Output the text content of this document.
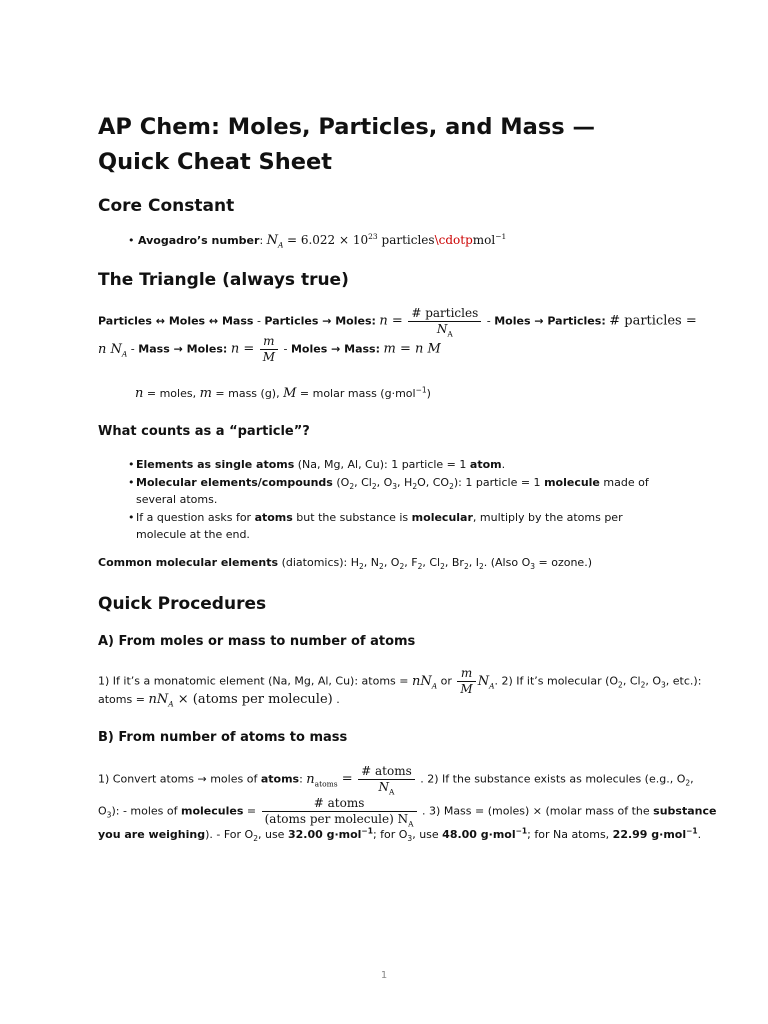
AP Chem: Moles, Particles, and Mass — Quick Cheat Sheet
Core Constant
• Avogadro’s number: $N_A = 6.022 \times 10^{23}$ particles\cdotpmol$^{-1}$
The Triangle (always true)
Particles ↔ Moles ↔ Mass - Particles → Moles: $n = \frac{\text{\# particles}}{N_A}$ - Moles → Particles: # particles =
n $N_A$ - Mass → Moles: $n = \frac{m}{M}$ - Moles → Mass: m = n M
n = moles, m = mass (g), M = molar mass (g·mol$^{-1}$)
What counts as a “particle”?
• Elements as single atoms (Na, Mg, Al, Cu): 1 particle = 1 atom.
• Molecular elements/compounds ($O_2$, $Cl_2$, $O_3$, $H_2O$, $CO_2$): 1 particle = 1 molecule made of several atoms.
• If a question asks for atoms but the substance is molecular, multiply by the atoms per molecule at the end.
Common molecular elements (diatomics): $H_2$, $N_2$, $O_2$, $F_2$, $Cl_2$, $Br_2$, $I_2$. (Also $O_3$ = ozone.)
Quick Procedures
A) From moles or mass to number of atoms
1) If it’s a monatomic element (Na, Mg, Al, Cu): atoms = $nN_A$ or $\frac{m}{M} N_A$. 2) If it’s molecular ($O_2$, $Cl_2$, $O_3$, etc.):
atoms = $nN_A$ × (atoms per molecule) .
B) From number of atoms to mass
1) Convert atoms → moles of atoms: $n_{atoms} = \frac{\text{\# atoms}}{N_A}$ . 2) If the substance exists as molecules (e.g., $O_2$,
$O_3$): - moles of molecules = $\frac{\text{\# atoms}}{(atoms per molecule) N_A}$ . 3) Mass = (moles) × (molar mass of the substance
you are weighing). - For $O_2$, use 32.00 g·mol$^{-1}$; for $O_3$, use 48.00 g·mol$^{-1}$; for Na atoms, 22.99 g·mol$^{-1}$.
1
